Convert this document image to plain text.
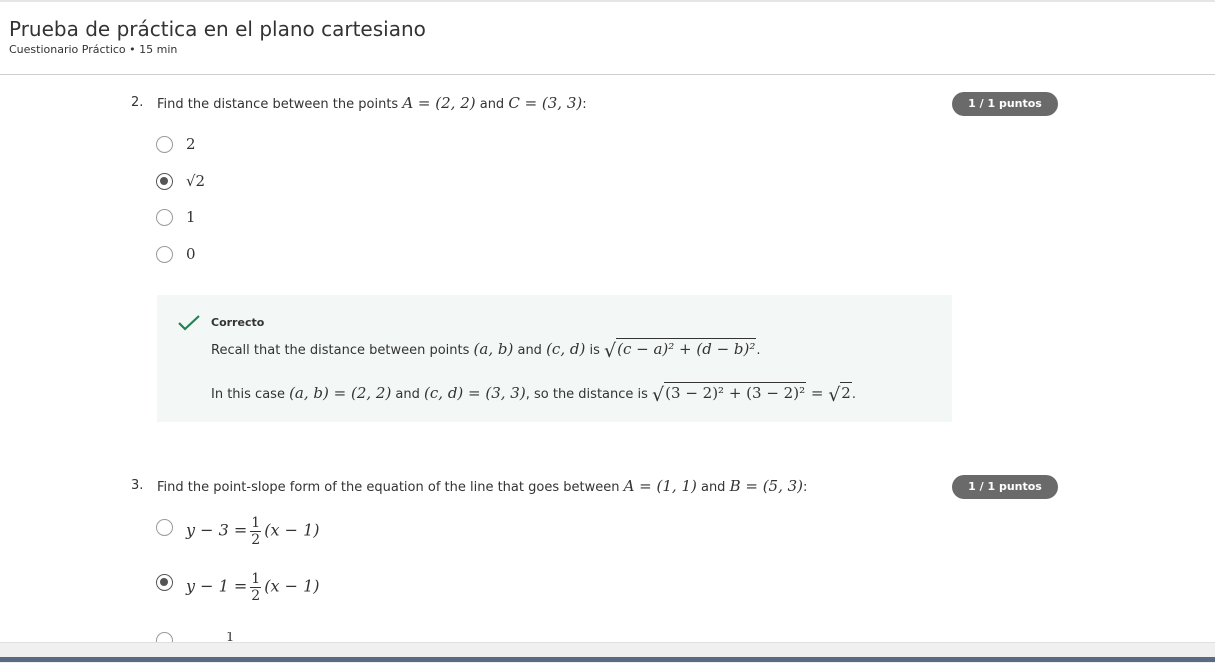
Prueba de práctica en el plano cartesiano
Cuestionario Práctico • 15 min
2. Find the distance between the points A = (2, 2) and C = (3, 3):	1 / 1 puntos
2
√2
1
0
Correcto
Recall that the distance between points (a, b) and (c, d) is √(c − a)² + (d − b)².
In this case (a, b) = (2, 2) and (c, d) = (3, 3), so the distance is √(3 − 2)² + (3 − 2)² = √2.
3. Find the point-slope form of the equation of the line that goes between A = (1, 1) and B = (5, 3):	1 / 1 puntos
$y - 3 = \frac{1}{2} (x - 1)$
$y - 1 = \frac{1}{2} (x - 1)$
1
